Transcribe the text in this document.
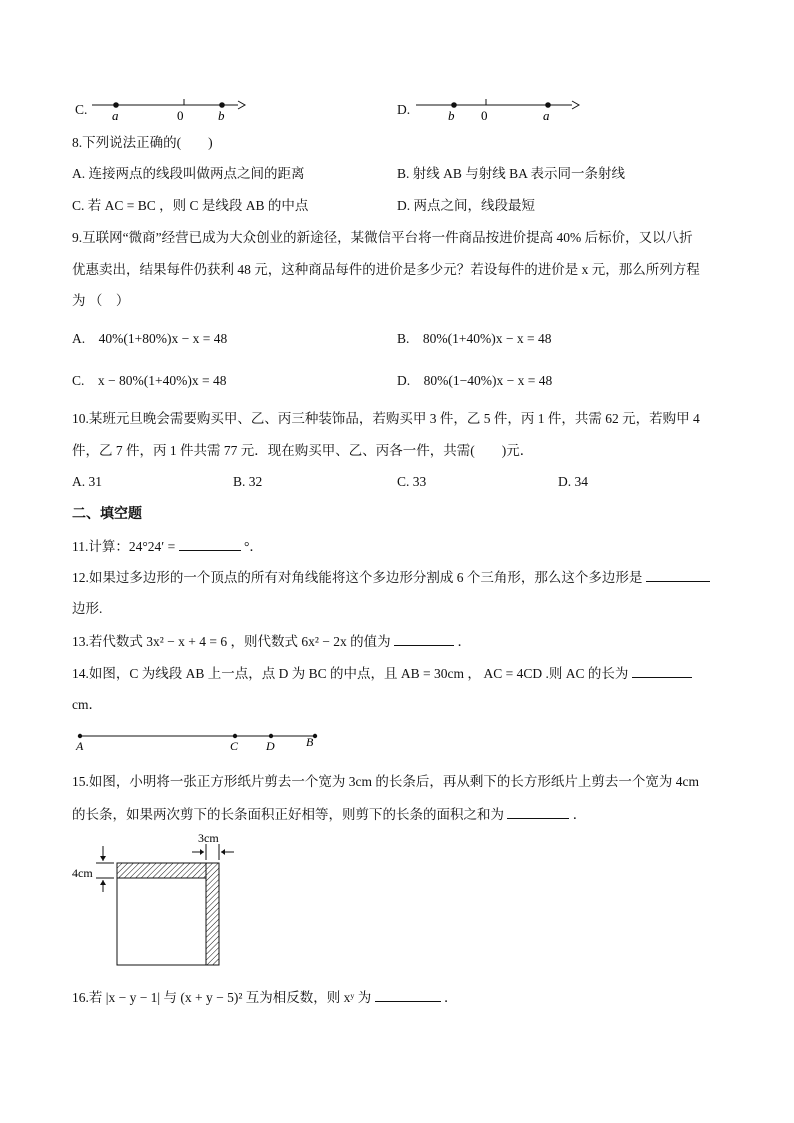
C. a	0	b	D.	b 0	a
8.下列说法正确的(　　)
A. 连接两点的线段叫做两点之间的距离	B. 射线 AB 与射线 BA 表示同一条射线
C. 若 AC = BC ，则 C 是线段 AB 的中点	D. 两点之间，线段最短
9.互联网“微商”经营已成为大众创业的新途径，某微信平台将一件商品按进价提高 40% 后标价，又以八折
优惠卖出，结果每件仍获利 48 元，这种商品每件的进价是多少元？若设每件的进价是 x 元，那么所列方程
为 （　）
A.　40%(1+80%)x − x = 48	B.　80%(1+40%)x − x = 48
C.　x − 80%(1+40%)x = 48	D.　80%(1−40%)x − x = 48
10.某班元旦晚会需要购买甲、乙、丙三种装饰品，若购买甲 3 件，乙 5 件，丙 1 件，共需 62 元，若购甲 4
件，乙 7 件，丙 1 件共需 77 元．现在购买甲、乙、丙各一件，共需(　　)元．
A. 31	B. 32	C. 33	D. 34
二、填空题
11.计算：24°24′ =	°．
12.如果过多边形的一个顶点的所有对角线能将这个多边形分割成 6 个三角形，那么这个多边形是
边形.
13.若代数式 3x² − x + 4 = 6 ，则代数式 6x² − 2x 的值为	．
14.如图，C 为线段 AB 上一点，点 D 为 BC 的中点，且 AB = 30cm ， AC = 4CD .则 AC 的长为
cm．
A	C D	B
15.如图，小明将一张正方形纸片剪去一个宽为 3cm 的长条后，再从剩下的长方形纸片上剪去一个宽为 4cm
的长条，如果两次剪下的长条面积正好相等，则剪下的长条的面积之和为	．
3cm
4cm
16.若 |x − y − 1| 与 (x + y − 5)² 互为相反数，则 xʸ 为	．
